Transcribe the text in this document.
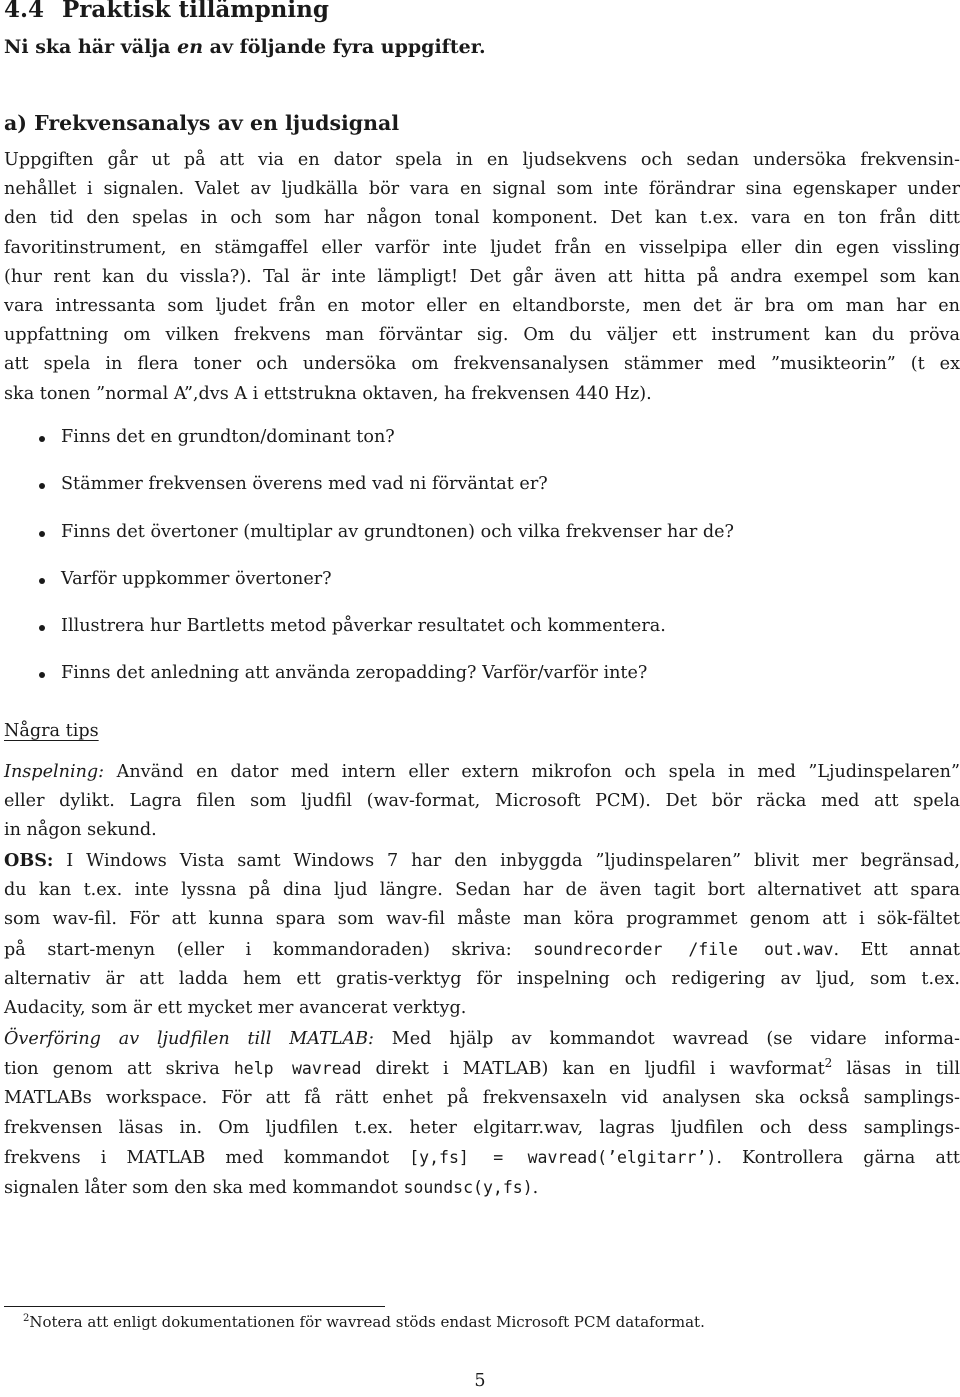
4.4 Praktisk tillämpning
Ni ska här välja en av följande fyra uppgifter.
a) Frekvensanalys av en ljudsignal
Uppgiften går ut på att via en dator spela in en ljudsekvens och sedan undersöka frekvensin-
nehållet i signalen. Valet av ljudkälla bör vara en signal som inte förändrar sina egenskaper under
den tid den spelas in och som har någon tonal komponent. Det kan t.ex. vara en ton från ditt
favoritinstrument, en stämgaffel eller varför inte ljudet från en visselpipa eller din egen vissling
(hur rent kan du vissla?). Tal är inte lämpligt! Det går även att hitta på andra exempel som kan
vara intressanta som ljudet från en motor eller en eltandborste, men det är bra om man har en
uppfattning om vilken frekvens man förväntar sig. Om du väljer ett instrument kan du pröva
att spela in flera toner och undersöka om frekvensanalysen stämmer med ”musikteorin” (t ex
ska tonen ”normal A”,dvs A i ettstrukna oktaven, ha frekvensen 440 Hz).
Finns det en grundton/dominant ton?
Stämmer frekvensen överens med vad ni förväntat er?
Finns det övertoner (multiplar av grundtonen) och vilka frekvenser har de?
Varför uppkommer övertoner?
Illustrera hur Bartletts metod påverkar resultatet och kommentera.
Finns det anledning att använda zeropadding? Varför/varför inte?
Några tips
Inspelning: Använd en dator med intern eller extern mikrofon och spela in med ”Ljudinspelaren”
eller dylikt. Lagra filen som ljudfil (wav-format, Microsoft PCM). Det bör räcka med att spela
in någon sekund.
OBS: I Windows Vista samt Windows 7 har den inbyggda ”ljudinspelaren” blivit mer begränsad,
du kan t.ex. inte lyssna på dina ljud längre. Sedan har de även tagit bort alternativet att spara
som wav-fil. För att kunna spara som wav-fil måste man köra programmet genom att i sök-fältet
på start-menyn (eller i kommandoraden) skriva: soundrecorder /file out.wav. Ett annat
alternativ är att ladda hem ett gratis-verktyg för inspelning och redigering av ljud, som t.ex.
Audacity, som är ett mycket mer avancerat verktyg.
Överföring av ljudfilen till MATLAB: Med hjälp av kommandot wavread (se vidare informa-
tion genom att skriva help wavread direkt i MATLAB) kan en ljudfil i wavformat$^2$ läsas in till
MATLABs workspace. För att få rätt enhet på frekvensaxeln vid analysen ska också samplings-
frekvensen läsas in. Om ljudfilen t.ex. heter elgitarr.wav, lagras ljudfilen och dess samplings-
frekvens i MATLAB med kommandot [y,fs] = wavread(’elgitarr’). Kontrollera gärna att
signalen låter som den ska med kommandot soundsc(y,fs).
$^2$Notera att enligt dokumentationen för wavread stöds endast Microsoft PCM dataformat.
5
